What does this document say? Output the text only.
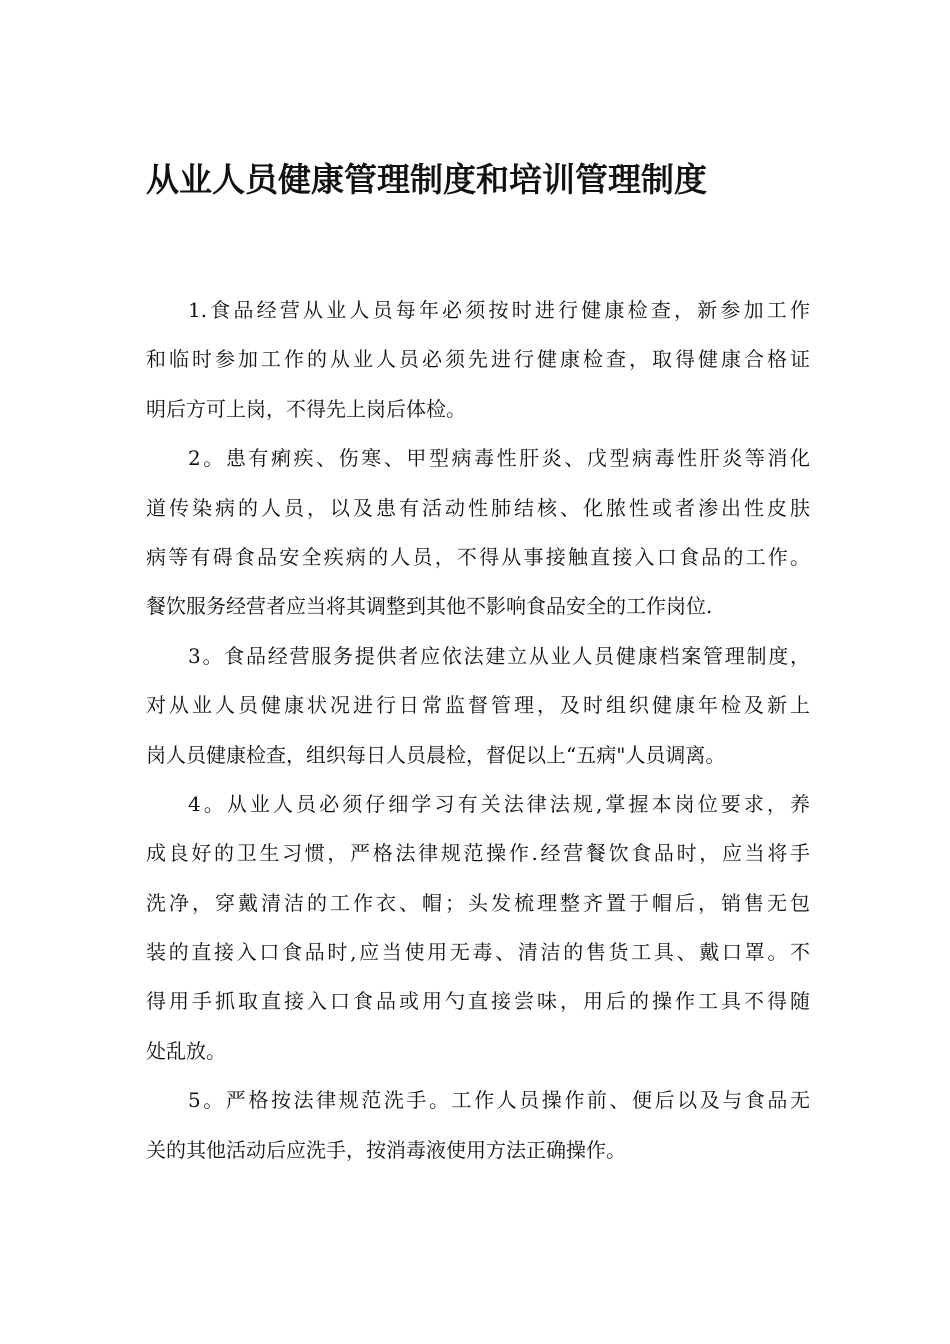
从业人员健康管理制度和培训管理制度

1.食品经营从业人员每年必须按时进行健康检查，新参加工作
和临时参加工作的从业人员必须先进行健康检查，取得健康合格证
明后方可上岗，不得先上岗后体检。

2。患有痢疾、伤寒、甲型病毒性肝炎、戊型病毒性肝炎等消化
道传染病的人员，以及患有活动性肺结核、化脓性或者渗出性皮肤
病等有碍食品安全疾病的人员，不得从事接触直接入口食品的工作。
餐饮服务经营者应当将其调整到其他不影响食品安全的工作岗位.

3。食品经营服务提供者应依法建立从业人员健康档案管理制度，
对从业人员健康状况进行日常监督管理，及时组织健康年检及新上
岗人员健康检查，组织每日人员晨检，督促以上“五病"人员调离。

4。从业人员必须仔细学习有关法律法规,掌握本岗位要求，养
成良好的卫生习惯，严格法律规范操作.经营餐饮食品时，应当将手
洗净，穿戴清洁的工作衣、帽；头发梳理整齐置于帽后，销售无包
装的直接入口食品时,应当使用无毒、清洁的售货工具、戴口罩。不
得用手抓取直接入口食品或用勺直接尝味，用后的操作工具不得随
处乱放。

5。严格按法律规范洗手。工作人员操作前、便后以及与食品无
关的其他活动后应洗手，按消毒液使用方法正确操作。
